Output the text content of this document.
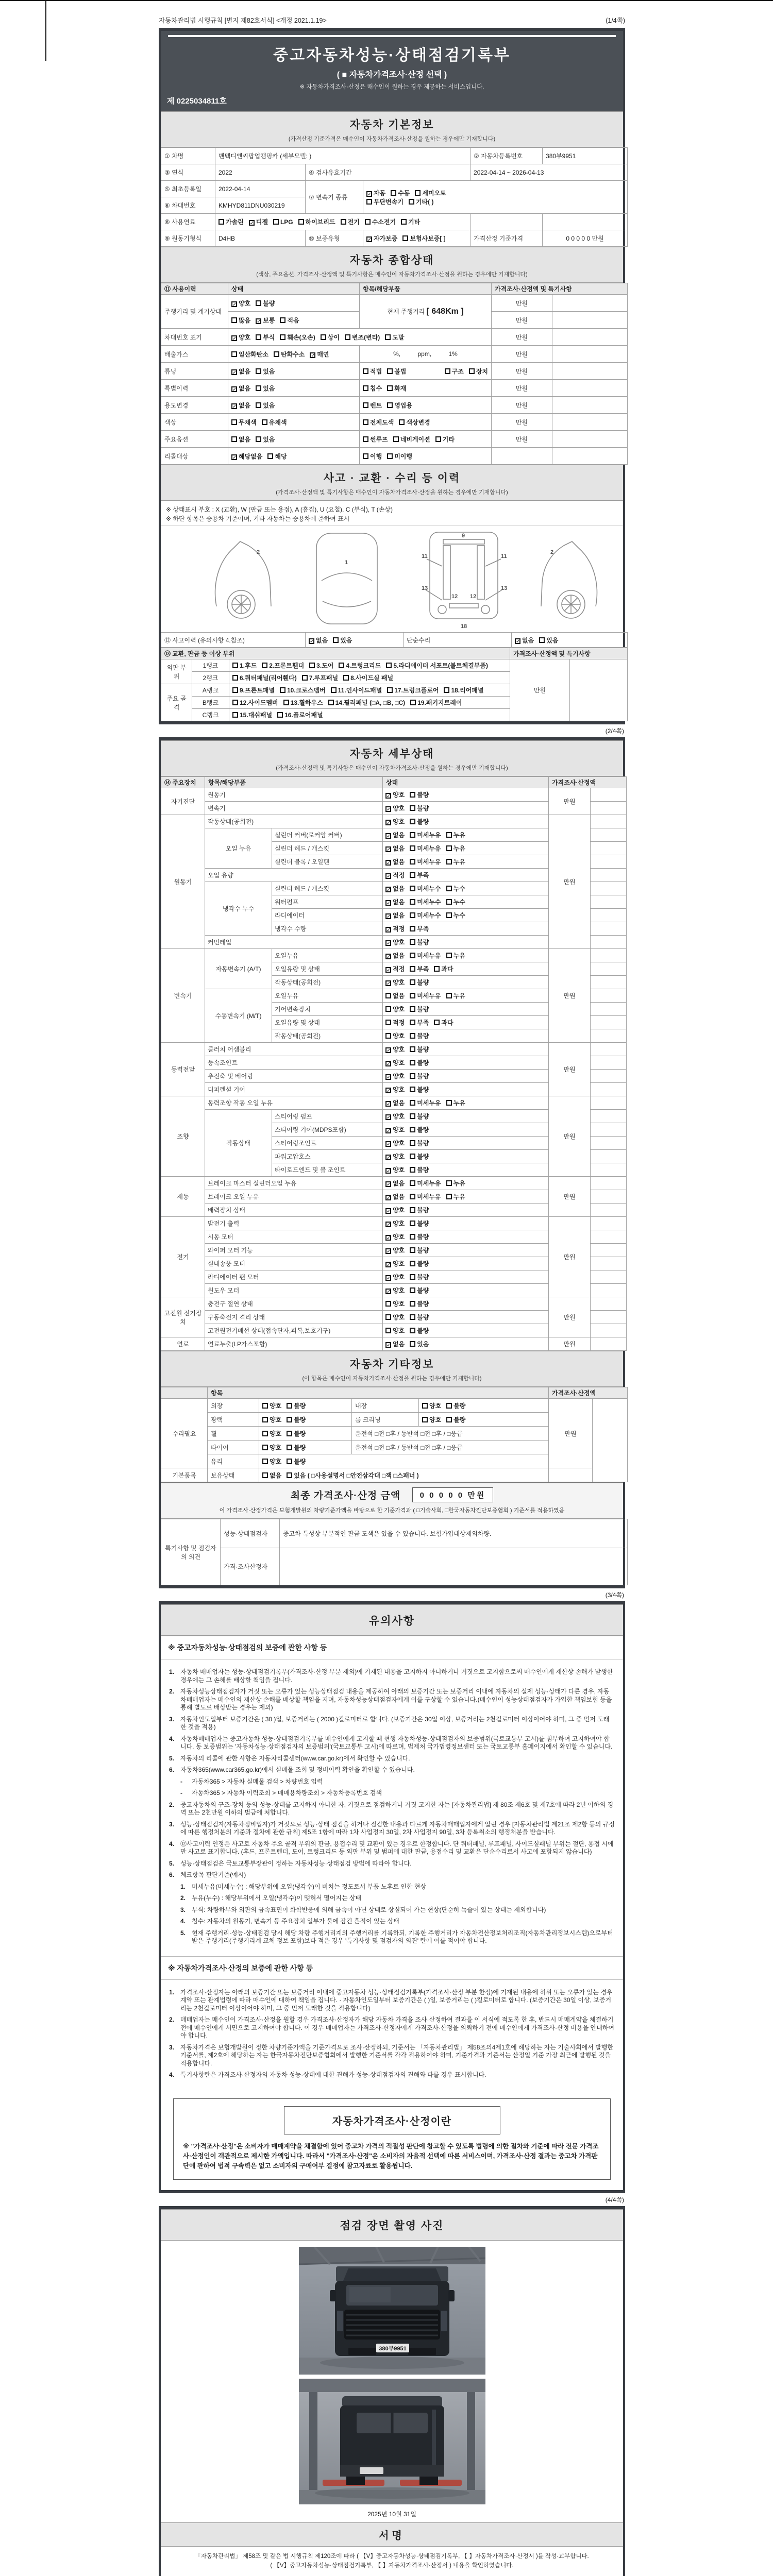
자동차관리법 시행규칙 [별지 제82호서식] <개정 2021.1.19>	(1/4쪽)
중고자동차성능·상태점검기록부
( ■ 자동차가격조사·산정 선택 )
※ 자동차가격조사·산정은 매수인이 원하는 경우 제공하는 서비스입니다.
제 0225034811호
자동차 기본정보
(가격산정 기준가격은 매수인이 자동차가격조사·산정을 원하는 경우에만 기재합니다)
① 차명	밴텍디엔씨팝업캠핑카 (세부모델: )			② 자동차등록번호	380부9951
③ 연식	2022	④ 검사유효기간		2022-04-14 ~ 2026-04-13	
⑤ 최초등록일	2022-04-14	⑦ 변속기 종류	✓ 자동 수동 세미오토
무단변속기 기타( )		

⑥ 차대번호	KMHYD811DNU030219				
⑧ 사용연료	가솔린 ✓ 디젤 LPG 하이브리드 전기 수소전기 기타				
⑨ 원동기형식	D4HB	⑩ 보증유형	✓ 자가보증 보험사보증[ ]	가격산정 기준가격	0 0 0 0 0 만원
자동차 종합상태
(색상, 주요옵션, 가격조사·산정액 및 특기사항은 매수인이 자동차가격조사·산정을 원하는 경우에만 기재합니다)
⑪ 사용이력	상태	항목/해당부품	가격조사·산정액 및 특기사항	
주행거리 및 계기상태	✓ 양호 불량	현재 주행거리 [ 648Km ]	만원	
	많음 ✓ 보통 적음		만원	
차대번호 표기	✓ 양호 부식 훼손(오손) 상이 변조(변타) 도말		만원	
배출가스	일산화탄소 탄화수소 ✓ 매연	%,          ppm,          1%	만원	
튜닝	✓ 없음 있음	적법 불법 구조 장치	만원	
특별이력	✓ 없음 있음	침수 화재	만원	
용도변경	✓ 없음 있음	렌트 영업용	만원	
색상	무채색 유채색	전체도색 색상변경	만원	
주요옵션	없음 있음	썬루프 네비게이션 기타	만원	
리콜대상	✓ 해당없음 해당	이행 미이행		
사고 · 교환 · 수리 등 이력
(가격조사·산정액 및 특기사항은 매수인이 자동차가격조사·산정을 원하는 경우에만 기재합니다)
※ 상태표시 부호 : X (교환), W (판금 또는 용접), A (흠집), U (요철), C (부식), T (손상)
※ 하단 항목은 승용차 기준이며, 기타 자동차는 승용차에 준하여 표시
2
1
9
11	11
13	13
12 12
18
2
⑫ 사고이력 (유의사항 4.참조)	✓ 없음 있음	단순수리	✓ 없음 있음
⑬ 교환, 판금 등 이상 부위			가격조사·산정액 및 특기사항	
외판 부위	1랭크	1.후드 2.프론트휀더 3.도어 4.트렁크리드 5.라디에이터 서포트(볼트체결부품)	만원	
	2랭크	6.쿼터패널(리어휀다) 7.루프패널 8.사이드실 패널		
주요 골격	A랭크	9.프론트패널 10.크로스멤버 11.인사이드패널 17.트렁크플로어 18.리어패널		
	B랭크	12.사이드멤버 13.휠하우스 14.필러패널 (□A, □B, □C) 19.패키지트레이		
	C랭크	15.대쉬패널 16.플로어패널		
(2/4쪽)
자동차 세부상태
(가격조사·산정액 및 특기사항은 매수인이 자동차가격조사·산정을 원하는 경우에만 기재합니다)
⑭ 주요장치	항목/해당부품		상태	가격조사·산정액	
자기진단	원동기		✓ 양호 불량	만원	
	변속기		✓ 양호 불량		
원동기	작동상태(공회전)		✓ 양호 불량	만원	
	오일 누유	실린더 커버(로커암 커버)	✓ 없음 미세누유 누유		
		실린더 헤드 / 개스킷	✓ 없음 미세누유 누유		
		실린더 블록 / 오일팬	✓ 없음 미세누유 누유		
	오일 유량		✓ 적정 부족		
	냉각수 누수	실린더 헤드 / 개스킷	✓ 없음 미세누수 누수		
		워터펌프	✓ 없음 미세누수 누수		
		라디에이터	✓ 없음 미세누수 누수		
		냉각수 수량	✓ 적정 부족		
	커먼레일		✓ 양호 불량		
변속기	자동변속기 (A/T)	오일누유	✓ 없음 미세누유 누유	만원	
		오일유량 및 상태	✓ 적정 부족 과다		
		작동상태(공회전)	✓ 양호 불량		
	수동변속기 (M/T)	오일누유	없음 미세누유 누유		
		기어변속장치	양호 불량		
		오일유량 및 상태	적정 부족 과다		
		작동상태(공회전)	양호 불량		
동력전달	클러치 어셈블리		✓ 양호 불량	만원	
	등속조인트		✓ 양호 불량		
	추진축 및 베어링		✓ 양호 불량		
	디퍼렌셜 기어		✓ 양호 불량		
조향	동력조향 작동 오일 누유		✓ 없음 미세누유 누유	만원	
	작동상태	스티어링 펌프	✓ 양호 불량		
		스티어링 기어(MDPS포함)	✓ 양호 불량		
		스티어링조인트	✓ 양호 불량		
		파워고압호스	✓ 양호 불량		
		타이로드엔드 및 볼 조인트	✓ 양호 불량		
제동	브레이크 마스터 실린더오일 누유		✓ 없음 미세누유 누유	만원	
	브레이크 오일 누유		✓ 없음 미세누유 누유		
	배력장치 상태		✓ 양호 불량		
전기	발전기 출력		✓ 양호 불량	만원	
	시동 모터		✓ 양호 불량		
	와이퍼 모터 기능		✓ 양호 불량		
	실내송풍 모터		✓ 양호 불량		
	라디에이터 팬 모터		✓ 양호 불량		
	윈도우 모터		✓ 양호 불량		
고전원 전기장치	충전구 절연 상태		양호 불량	만원	
	구동축전지 격리 상태		양호 불량		
	고전원전기배선 상태(접속단자,피복,보호기구)		양호 불량		
연료	연료누출(LP가스포함)		✓ 없음 있음	만원	
자동차 기타정보
(이 항목은 매수인이 자동차가격조사·산정을 원하는 경우에만 기재합니다)
	항목				가격조사·산정액	
수리필요	외장	양호 불량	내장	양호 불량	만원	
	광택	양호 불량	룸 크리닝	양호 불량		
	휠	양호 불량	운전석 □전 □후 / 동반석 □전 □후 / □응급			
	타이어	양호 불량	운전석 □전 □후 / 동반석 □전 □후 / □응급			
	유리	양호 불량				
기본품목	보유상태	없음 있음 ( □사용설명서 □안전삼각대 □잭 □스패너 )				
최종 가격조사·산정 금액 0 0 0 0 0 만원
이 가격조사·산정가격은 보험개발원의 차량기준가액을 바탕으로 한 기준가격과 ( □기술사회, □한국자동차진단보증협회 ) 기준서를 적용하였음
특기사항 및 점검자의 의견	성능·상태점검자	중고차 특성상 부분적인 판금 도색은 있을 수 있습니다. 보험가입대상제외차량.
	가격·조사산정자	
(3/4쪽)
유의사항
※ 중고자동차성능·상태점검의 보증에 관한 사항 등
1. 자동차 매매업자는 성능·상태점검기록부(가격조사·산정 부분 제외)에 기재된 내용을 고지하지 아니하거나 거짓으로 고지함으로써 매수인에게 재산상 손해가 발생한 경우에는 그 손해를 배상할 책임을 집니다.
2. 자동차성능상태점검자가 거짓 또는 오류가 있는 성능상태점검 내용을 제공하여 아래의 보증기간 또는 보증거리 이내에 자동차의 실제 성능·상태가 다른 경우, 자동차매매업자는 매수인의 재산상 손해를 배상할 책임을 지며, 자동차성능상태점검자에게 이를 구상할 수 있습니다.(매수인이 성능상태점검자가 가입한 책임보험 등을 통해 별도로 배상받는 경우는 제외)
3. 자동차인도일부터 보증기간은 ( 30 )일, 보증거리는 ( 2000 )킬로미터로 합니다. (보증기간은 30일 이상, 보증거리는 2천킬로미터 이상이어야 하며, 그 중 먼저 도래한 것을 적용)
4. 자동차매매업자는 중고자동차 성능·상태점검기록부를 매수인에게 고지할 때 현행 자동차성능·상태점검자의 보증범위(국토교통부 고시)를 첨부하여 고지하여야 합니다. 동 보증범위는 '자동차성능·상태점검자의 보증범위'(국토교통부 고시)에 따르며, 법제처 국가법령정보센터 또는 국토교통부 홈페이지에서 확인할 수 있습니다.
5. 자동차의 리콜에 관한 사항은 자동차리콜센터(www.car.go.kr)에서 확인할 수 있습니다.
6. 자동차365(www.car365.go.kr)에서 실매물 조회 및 정비이력 확인을 확인할 수 있습니다.
-	자동차365 > 자동차 실매물 검색 > 차량번호 입력
-	자동차365 > 자동차 이력조회 > 매매용차량조회 > 자동차등록번호 검색
2. 중고자동차의 구조·장치 등의 성능·상태를 고지하지 아니한 자, 거짓으로 점검하거나 거짓 고지한 자는 [자동차관리법] 제 80조 제6호 및 제7호에 따라 2년 이하의 징역 또는 2천만원 이하의 벌금에 처합니다.
3. 성능·상태점검자(자동차정비업자)가 거짓으로 성능·상태 점검을 하거나 점검한 내용과 다르게 자동차매매업자에게 알린 경우 [자동차관리법 제21조 제2항 등의 규정에 따른 행정처분의 기준과 절차에 관한 규칙] 제5조 1항에 따라 1차 사업정지 30일, 2차 사업정지 90일, 3차 등록취소의 행정처분을 받습니다.
4. ⑫사고이력 인정은 사고로 자동차 주요 골격 부위의 판금, 용접수리 및 교환이 있는 경우로 한정합니다. 단 쿼터패널, 루프패널, 사이드실패널 부위는 절단, 용접 시에만 사고로 표기합니다. (후드, 프론트펜더, 도어, 트렁크리드 등 외판 부위 및 범퍼에 대한 판금, 용접수리 및 교환은 단순수리로서 사고에 포함되지 않습니다)
5. 성능·상태점검은 국토교통부장관이 정하는 자동차성능·상태점검 방법에 따라야 합니다.
6. 체크항목 판단기준(예시)
1. 미세누유(미세누수) : 해당부위에 오일(냉각수)이 비치는 정도로서 부품 노후로 인한 현상
2. 누유(누수) : 해당부위에서 오일(냉각수)이 맺혀서 떨어지는 상태
3. 부식: 차량하부와 외판의 금속표면이 화학반응에 의해 금속이 아닌 상태로 상실되어 가는 현상(단순히 녹슬어 있는 상태는 제외합니다)
4. 침수: 자동차의 원동기, 변속기 등 주요장치 일부가 물에 잠긴 흔적이 있는 상태
5. 현재 주행거리·성능·상태점검 당시 해당 차량 주행거리계의 주행거리를 기록하되, 기록한 주행거리가 자동차전산정보처리조직(자동차관리정보시스템)으로부터 받은 주행거리(주행거리계 교체 정보 포함)보다 적은 경우 '특기사항 및 점검자의 의견' 란에 이를 적어야 합니다.
※ 자동차가격조사·산정의 보증에 관한 사항 등
1. 가격조사·산정자는 아래의 보증기간 또는 보증거리 이내에 중고자동차 성능·상태점검기록부(가격조사·산정 부분 한정)에 기재된 내용에 허위 또는 오류가 있는 경우 계약 또는 관계법령에 따라 매수인에 대하여 책임을 집니다. · 자동차인도일부터 보증기간은 ( )일, 보증거리는 ( )킬로미터로 합니다. (보증기간은 30일 이상, 보증거리는 2천킬로미터 이상이어야 하며, 그 중 먼저 도래한 것을 적용합니다)
2. 매매업자는 매수인이 가격조사·산정을 원할 경우 가격조사·산정자가 해당 자동차 가격을 조사·산정하여 결과를 이 서식에 적도록 한 후, 반드시 매매계약을 체결하기 전에 매수인에게 서면으로 고지하여야 합니다. 이 경우 매매업자는 가격조사·산정자에게 가격조사·산정을 의뢰하기 전에 매수인에게 가격조사·산정 비용을 안내하여야 합니다.
3. 자동차가격은 보험개발원이 정한 차량기준가액을 기준가격으로 조사·산정하되, 기준서는 「자동차관리법」 제58조의4제1호에 해당하는 자는 기술사회에서 발행한 기준서를, 제2호에 해당하는 자는 한국자동차진단보증협회에서 발행한 기준서를 각각 적용하여야 하며, 기준가격과 기준서는 산정일 기준 가장 최근에 발행된 것을 적용합니다.
4. 특기사항란은 가격조사·산정자의 자동차 성능·상태에 대한 견해가 성능·상태점검자의 견해와 다를 경우 표시합니다.
자동차가격조사·산정이란
※ "가격조사·산정"은 소비자가 매매계약을 체결함에 있어 중고차 가격의 적절성 판단에 참고할 수 있도록 법령에 의한 절차와 기준에 따라 전문 가격조사·산정인이 객관적으로 제시한 가액입니다. 따라서 "가격조사·산정"은 소비자의 자율적 선택에 따른 서비스이며, 가격조사·산정 결과는 중고차 가격판단에 관하여 법적 구속력은 없고 소비자의 구매여부 결정에 참고자료로 활용됩니다.
(4/4쪽)
점검 장면 촬영 사진
380부9951
2025년 10월 31일
서명
「자동차관리법」 제58조 및 같은 법 시행규칙 제120조에 따라 ( 【V】중고자동차성능·상태점검기록부, 【 】자동차가격조사·산정서 )를 작성·교부합니다.
( 【V】중고자동차성능·상태점검기록부, 【 】자동차가격조사·산정서 ) 내용을 확인하였습니다.
